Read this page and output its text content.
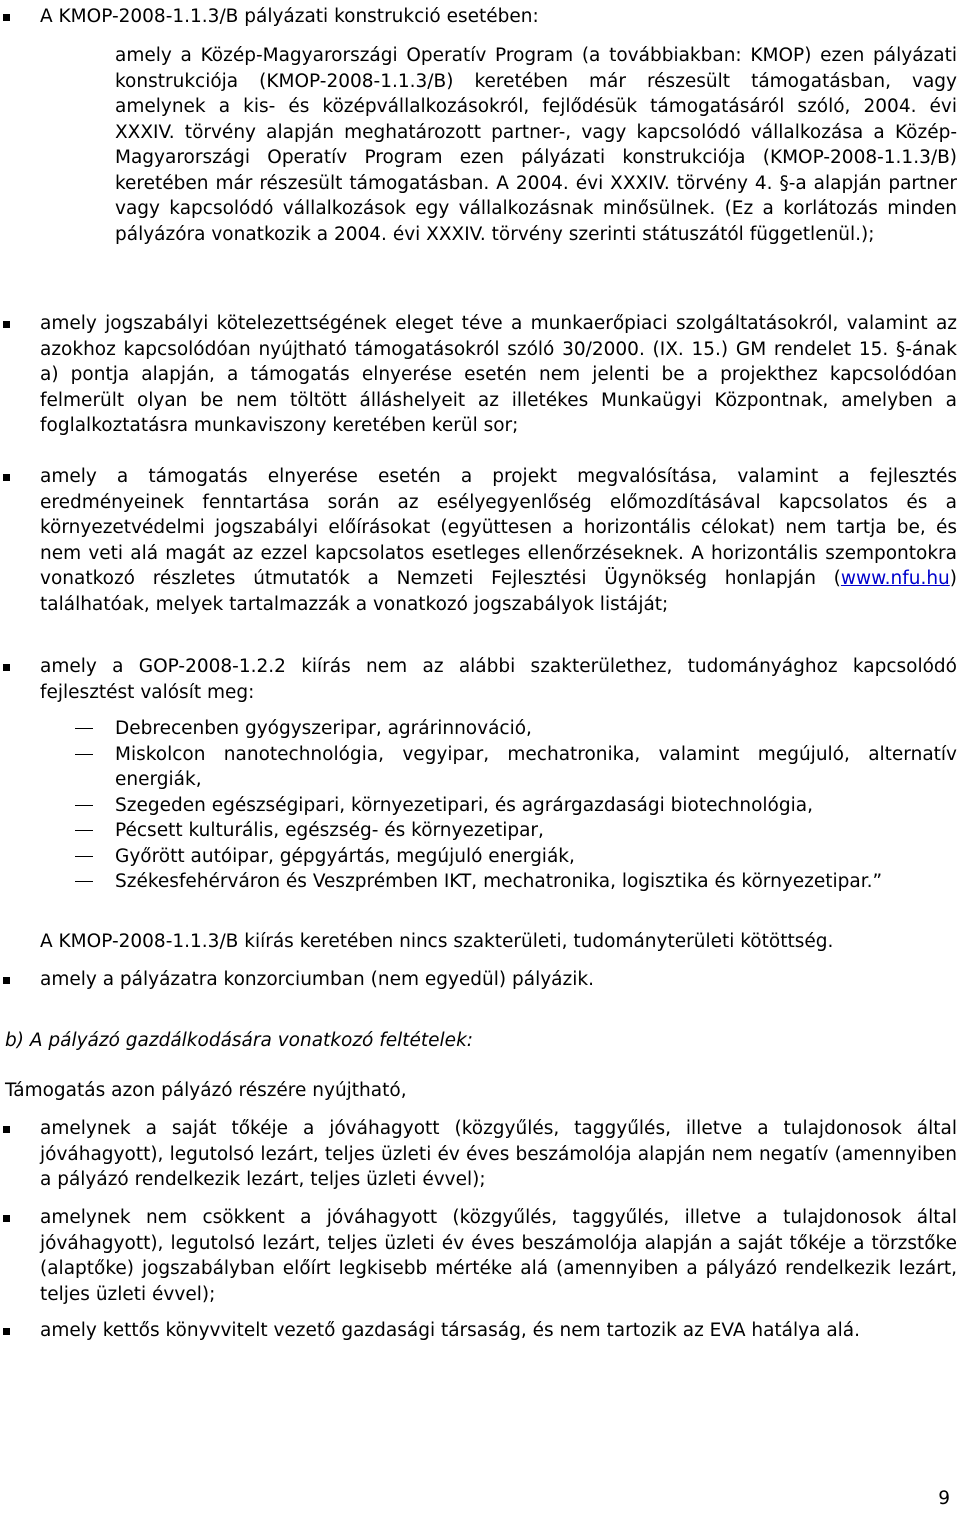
A KMOP-2008-1.1.3/B pályázati konstrukció esetében:
amely a Közép-Magyarországi Operatív Program (a továbbiakban: KMOP) ezen pályázati konstrukciója (KMOP-2008-1.1.3/B) keretében már részesült támogatásban, vagy amelynek a kis- és középvállalkozásokról, fejlődésük támogatásáról szóló, 2004. évi XXXIV. törvény alapján meghatározott partner-, vagy kapcsolódó vállalkozása a Közép-Magyarországi Operatív Program ezen pályázati konstrukciója (KMOP-2008-1.1.3/B) keretében már részesült támogatásban. A 2004. évi XXXIV. törvény 4. §-a alapján partner vagy kapcsolódó vállalkozások egy vállalkozásnak minősülnek. (Ez a korlátozás minden pályázóra vonatkozik a 2004. évi XXXIV. törvény szerinti státuszától függetlenül.);
amely jogszabályi kötelezettségének eleget téve a munkaerőpiaci szolgáltatásokról, valamint az azokhoz kapcsolódóan nyújtható támogatásokról szóló 30/2000. (IX. 15.) GM rendelet 15. §-ának a) pontja alapján, a támogatás elnyerése esetén nem jelenti be a projekthez kapcsolódóan felmerült olyan be nem töltött álláshelyeit az illetékes Munkaügyi Központnak, amelyben a foglalkoztatásra munkaviszony keretében kerül sor;
amely a támogatás elnyerése esetén a projekt megvalósítása, valamint a fejlesztés eredményeinek fenntartása során az esélyegyenlőség előmozdításával kapcsolatos és a környezetvédelmi jogszabályi előírásokat (együttesen a horizontális célokat) nem tartja be, és nem veti alá magát az ezzel kapcsolatos esetleges ellenőrzéseknek. A horizontális szempontokra vonatkozó részletes útmutatók a Nemzeti Fejlesztési Ügynökség honlapján (www.nfu.hu) találhatóak, melyek tartalmazzák a vonatkozó jogszabályok listáját;
amely a GOP-2008-1.2.2 kiírás nem az alábbi szakterülethez, tudományághoz kapcsolódó fejlesztést valósít meg:
Debrecenben gyógyszeripar, agrárinnováció,
Miskolcon nanotechnológia, vegyipar, mechatronika, valamint megújuló, alternatív energiák,
Szegeden egészségipari, környezetipari, és agrárgazdasági biotechnológia,
Pécsett kulturális, egészség- és környezetipar,
Győrött autóipar, gépgyártás, megújuló energiák,
Székesfehérváron és Veszprémben IKT, mechatronika, logisztika és környezetipar.”
A KMOP-2008-1.1.3/B kiírás keretében nincs szakterületi, tudományterületi kötöttség.
amely a pályázatra konzorciumban (nem egyedül) pályázik.
b) A pályázó gazdálkodására vonatkozó feltételek:
Támogatás azon pályázó részére nyújtható,
amelynek a saját tőkéje a jóváhagyott (közgyűlés, taggyűlés, illetve a tulajdonosok által jóváhagyott), legutolsó lezárt, teljes üzleti év éves beszámolója alapján nem negatív (amennyiben a pályázó rendelkezik lezárt, teljes üzleti évvel);
amelynek nem csökkent a jóváhagyott (közgyűlés, taggyűlés, illetve a tulajdonosok által jóváhagyott), legutolsó lezárt, teljes üzleti év éves beszámolója alapján a saját tőkéje a törzstőke (alaptőke) jogszabályban előírt legkisebb mértéke alá (amennyiben a pályázó rendelkezik lezárt, teljes üzleti évvel);
amely kettős könyvvitelt vezető gazdasági társaság, és nem tartozik az EVA hatálya alá.
9
